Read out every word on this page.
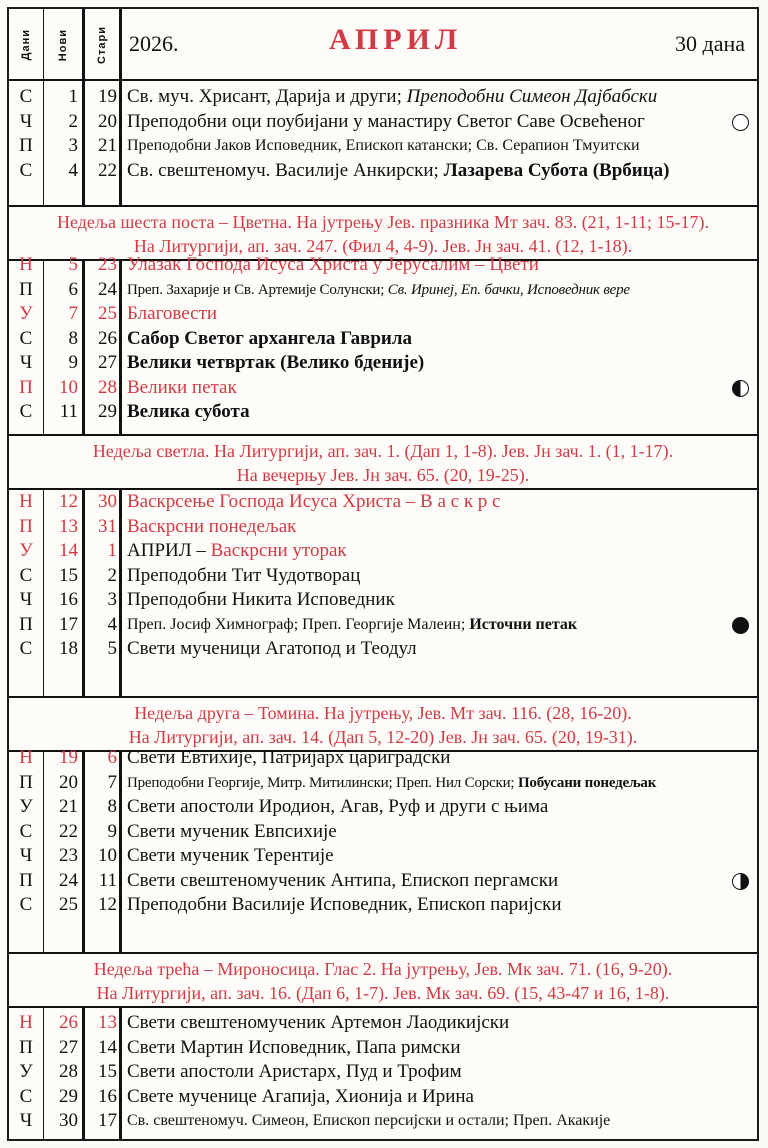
Дани Нови	Стари 2026.	АПРИЛ	30 дана
С	1	19 Св. муч. Хрисант, Дарија и други; Преподобни Симеон Дајбабски
Ч	2	20 Преподобни оци поубијани у манастиру Светог Саве Освећеног
П	3	21 Преподобни Јаков Исповедник, Епископ катански; Св. Серапион Тмуитски
С	4	22 Св. свештеномуч. Василије Анкирски; Лазарева Субота (Врбица)
Недеља шеста поста – Цветна. На јутрењу Јев. празника Мт зач. 83. (21, 1-11; 15-17).
На Литургији, ап. зач. 247. (Фил 4, 4-9). Јев. Јн зач. 41. (12, 1-18).
Н	5	23 Улазак Господа Исуса Христа у Јерусалим – Цвети
П	6	24 Преп. Захарије и Св. Артемије Солунски; Св. Иринеј, Еп. бачки, Исповедник вере
У	7	25 Благовести
С	8	26 Сабор Светог архангела Гаврила
Ч	9	27 Велики четвртак (Велико бденије)
П	10	28 Велики петак
С	11	29 Велика субота
Недеља светла. На Литургији, ап. зач. 1. (Дап 1, 1-8). Јев. Јн зач. 1. (1, 1-17).
На вечерњу Јев. Јн зач. 65. (20, 19-25).
Н	12	30 Васкрсење Господа Исуса Христа – В а с к р с
П	13	31 Васкрсни понедељак
У	14	1 АПРИЛ – Васкрсни уторак
С	15	2 Преподобни Тит Чудотворац
Ч	16	3 Преподобни Никита Исповедник
П	17	4 Преп. Јосиф Химнограф; Преп. Георгије Малеин; Источни петак
С	18	5 Свети мученици Агатопод и Теодул
Недеља друга – Томина. На јутрењу, Јев. Мт зач. 116. (28, 16-20).
На Литургији, ап. зач. 14. (Дап 5, 12-20) Јев. Јн зач. 65. (20, 19-31).
Н	19	6 Свети Евтихије, Патријарх цариградски
П	20	7 Преподобни Георгије, Митр. Митилински; Преп. Нил Сорски; Побусани понедељак
У	21	8 Свети апостоли Иродион, Агав, Руф и други с њима
С	22	9 Свети мученик Евпсихије
Ч	23	10 Свети мученик Терентије
П	24	11 Свети свештеномученик Антипа, Епископ пергамски
С	25	12 Преподобни Василије Исповедник, Епископ паријски
Недеља трећа – Мироносица. Глас 2. На јутрењу, Јев. Мк зач. 71. (16, 9-20).
На Литургији, ап. зач. 16. (Дап 6, 1-7). Јев. Мк зач. 69. (15, 43-47 и 16, 1-8).
Н	26	13 Свети свештеномученик Артемон Лаодикијски
П	27	14 Свети Мартин Исповедник, Папа римски
У	28	15 Свети апостоли Аристарх, Пуд и Трофим
С	29	16 Свете мученице Агапија, Хионија и Ирина
Ч	30	17 Св. свештеномуч. Симеон, Епископ персијски и остали; Преп. Акакије
